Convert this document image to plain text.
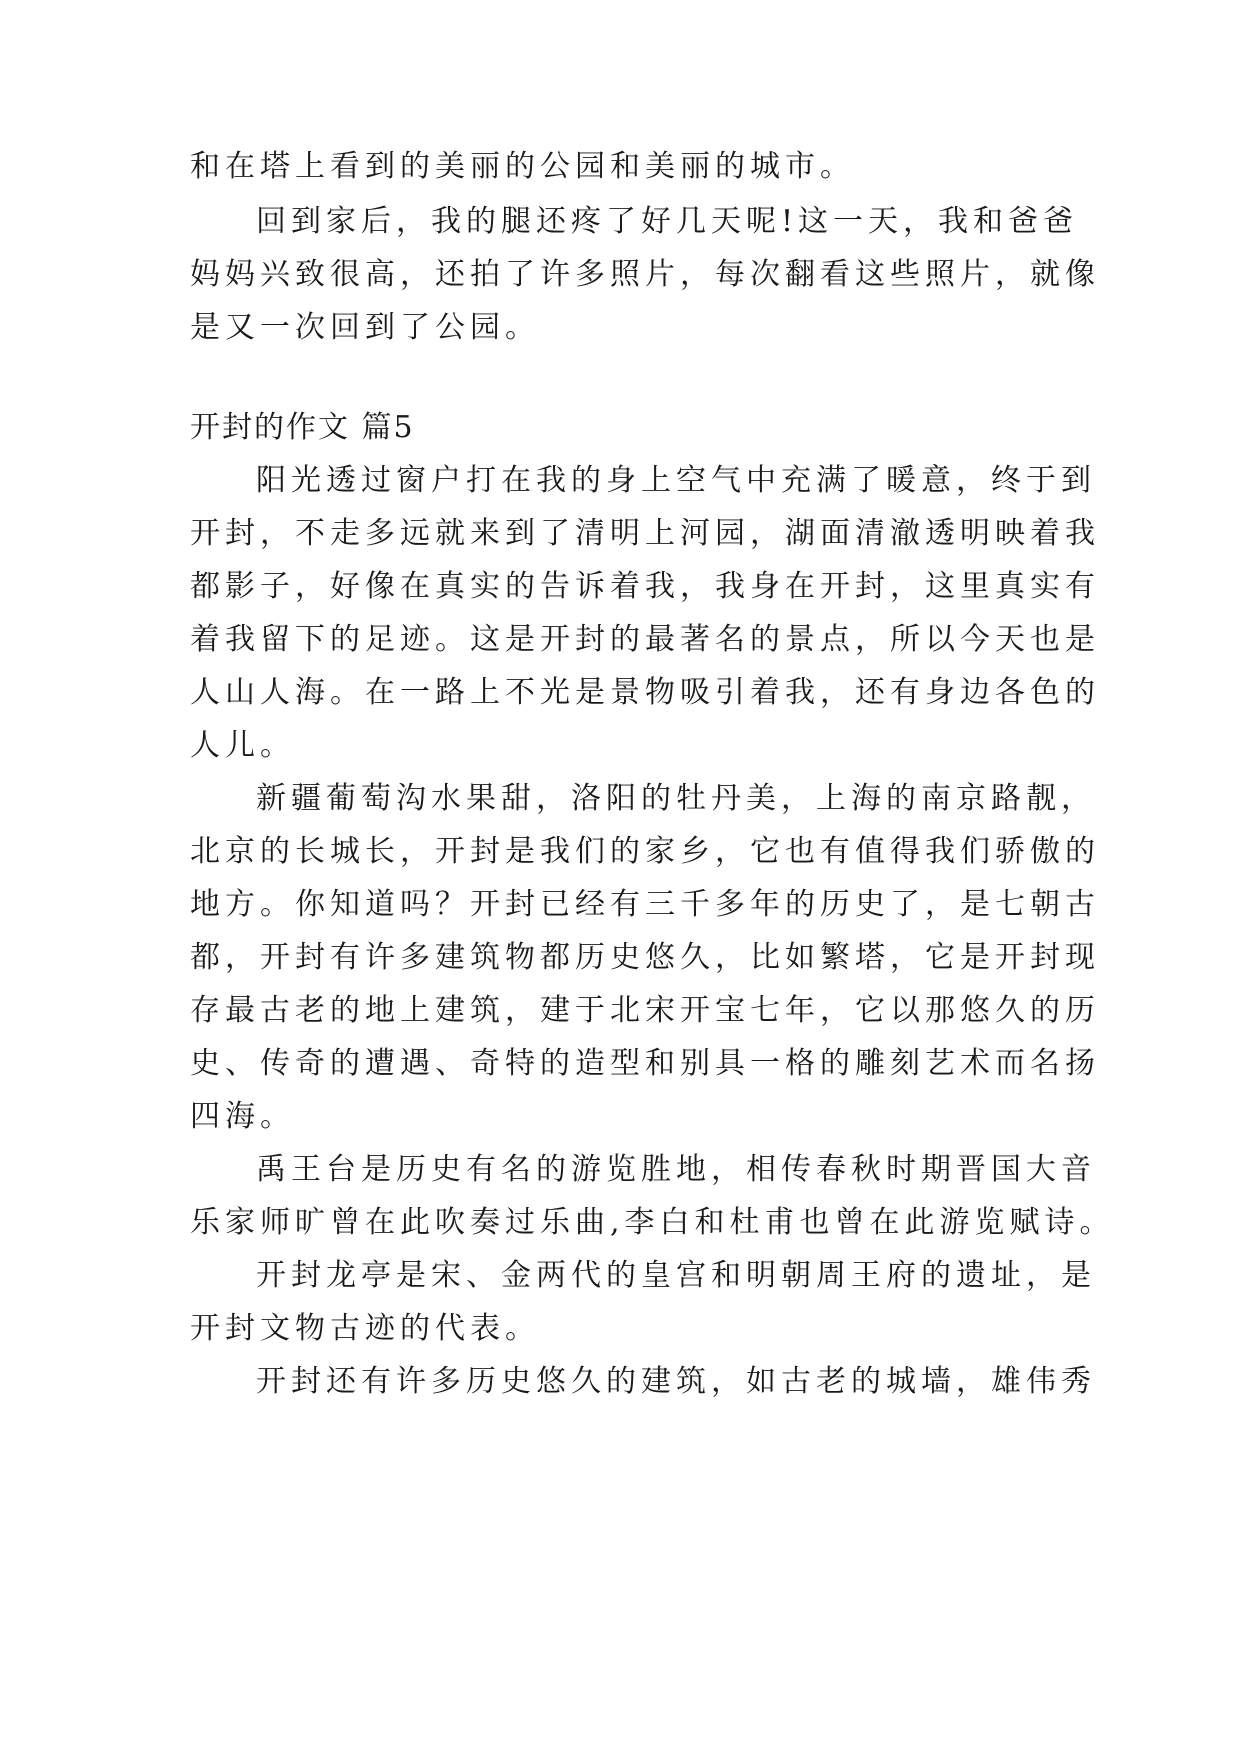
和在塔上看到的美丽的公园和美丽的城市。

回到家后，我的腿还疼了好几天呢!这一天，我和爸爸

妈妈兴致很高，还拍了许多照片，每次翻看这些照片，就像

是又一次回到了公园。

开封的作文 篇5

阳光透过窗户打在我的身上空气中充满了暖意，终于到

开封，不走多远就来到了清明上河园，湖面清澈透明映着我

都影子，好像在真实的告诉着我，我身在开封，这里真实有

着我留下的足迹。这是开封的最著名的景点，所以今天也是

人山人海。在一路上不光是景物吸引着我，还有身边各色的

人儿。

新疆葡萄沟水果甜，洛阳的牡丹美，上海的南京路靓，

北京的长城长，开封是我们的家乡，它也有值得我们骄傲的

地方。你知道吗？开封已经有三千多年的历史了，是七朝古

都，开封有许多建筑物都历史悠久，比如繁塔，它是开封现

存最古老的地上建筑，建于北宋开宝七年，它以那悠久的历

史、传奇的遭遇、奇特的造型和别具一格的雕刻艺术而名扬

四海。

禹王台是历史有名的游览胜地，相传春秋时期晋国大音

乐家师旷曾在此吹奏过乐曲,李白和杜甫也曾在此游览赋诗。

开封龙亭是宋、金两代的皇宫和明朝周王府的遗址，是

开封文物古迹的代表。

开封还有许多历史悠久的建筑，如古老的城墙，雄伟秀
